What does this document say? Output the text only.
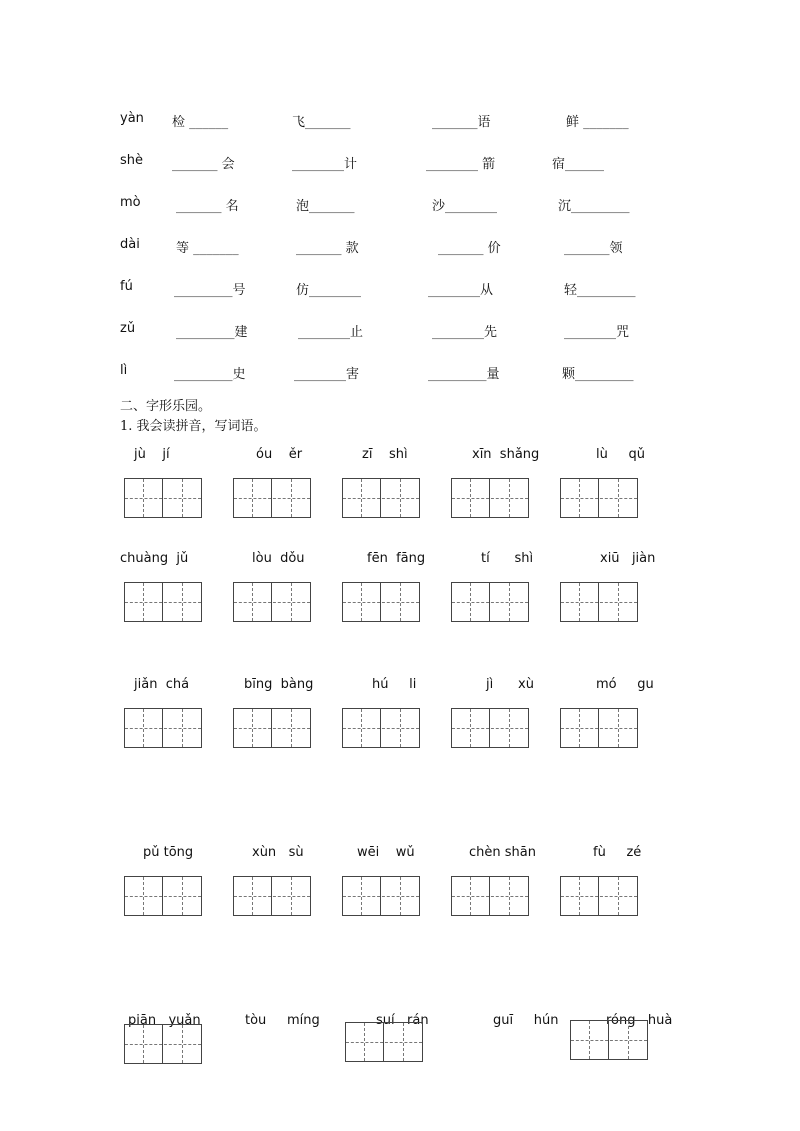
yàn 检 ______	飞_______	_______语	鲜 _______
shè _______ 会	________计	________ 箭	宿______
mò	_______ 名	泡_______	沙________	沉_________
dài	等 _______	_______ 款	_______ 价	_______领
fú	_________号	仿________	________从	轻_________
zǔ	_________建	________止	________先	________咒
lì	_________史	________害	_________量	颗_________
二、字形乐园。
1. 我会读拼音，写词语。
jù    jí	óu    ěr	zī    shì	xīn  shǎng	lù     qǔ
chuàng  jǔ	lòu  dǒu	fēn  fāng	tí      shì	xiū   jiàn
jiǎn  chá	bīng  bàng	hú     li	jì      xù	mó     gu
pǔ tōng	xùn   sù	wēi    wǔ	chèn shān	fù     zé
piān   yuǎn	tòu     míng	suí   rán	guī     hún	róng   huà
